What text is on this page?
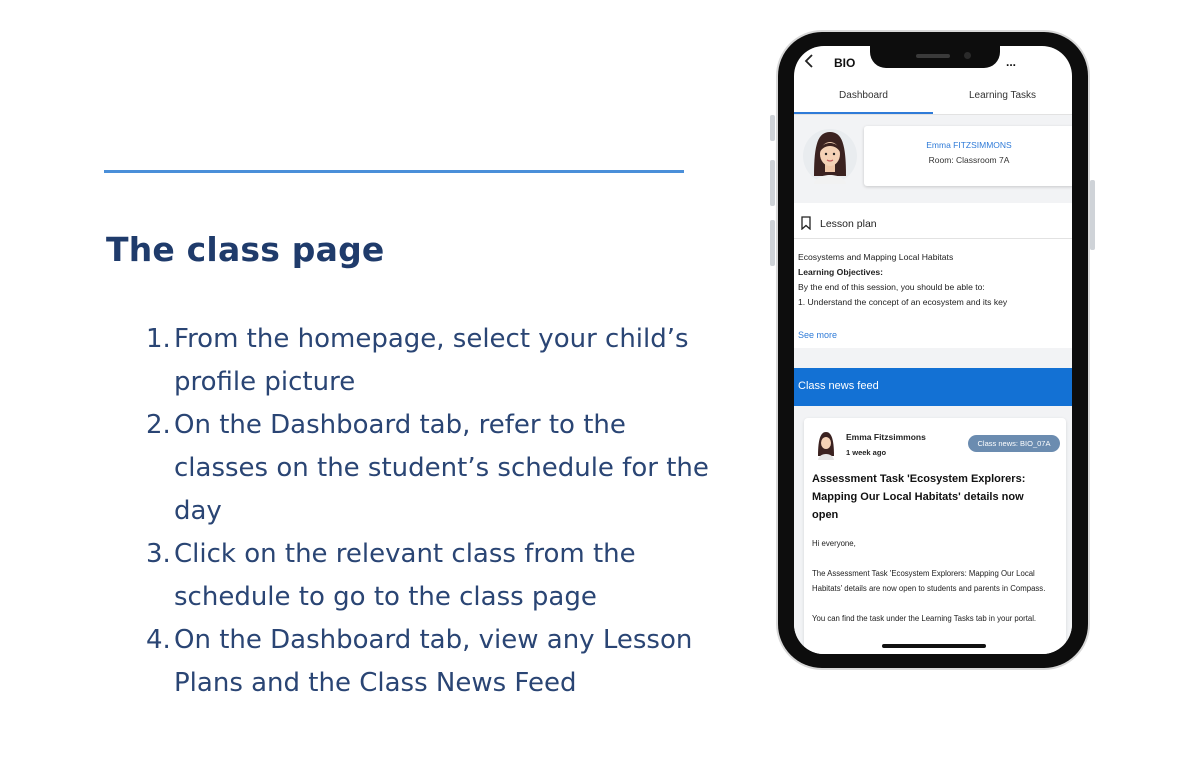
The class page
1. From the homepage, select your child’s profile picture
2. On the Dashboard tab, refer to the classes on the student’s schedule for the day
3. Click on the relevant class from the schedule to go to the class page
4. On the Dashboard tab, view any Lesson Plans and the Class News Feed
BIO	...
Dashboard	Learning Tasks
Emma FITZSIMMONS
Room: Classroom 7A
Lesson plan
Ecosystems and Mapping Local Habitats
Learning Objectives:
By the end of this session, you should be able to:
1. Understand the concept of an ecosystem and its key
See more
Class news feed
Emma Fitzsimmons
1 week ago
Class news: BIO_07A
Assessment Task 'Ecosystem Explorers: Mapping Our Local Habitats' details now open

Hi everyone,

The Assessment Task 'Ecosystem Explorers: Mapping Our Local Habitats' details are now open to students and parents in Compass.

You can find the task under the Learning Tasks tab in your portal.
